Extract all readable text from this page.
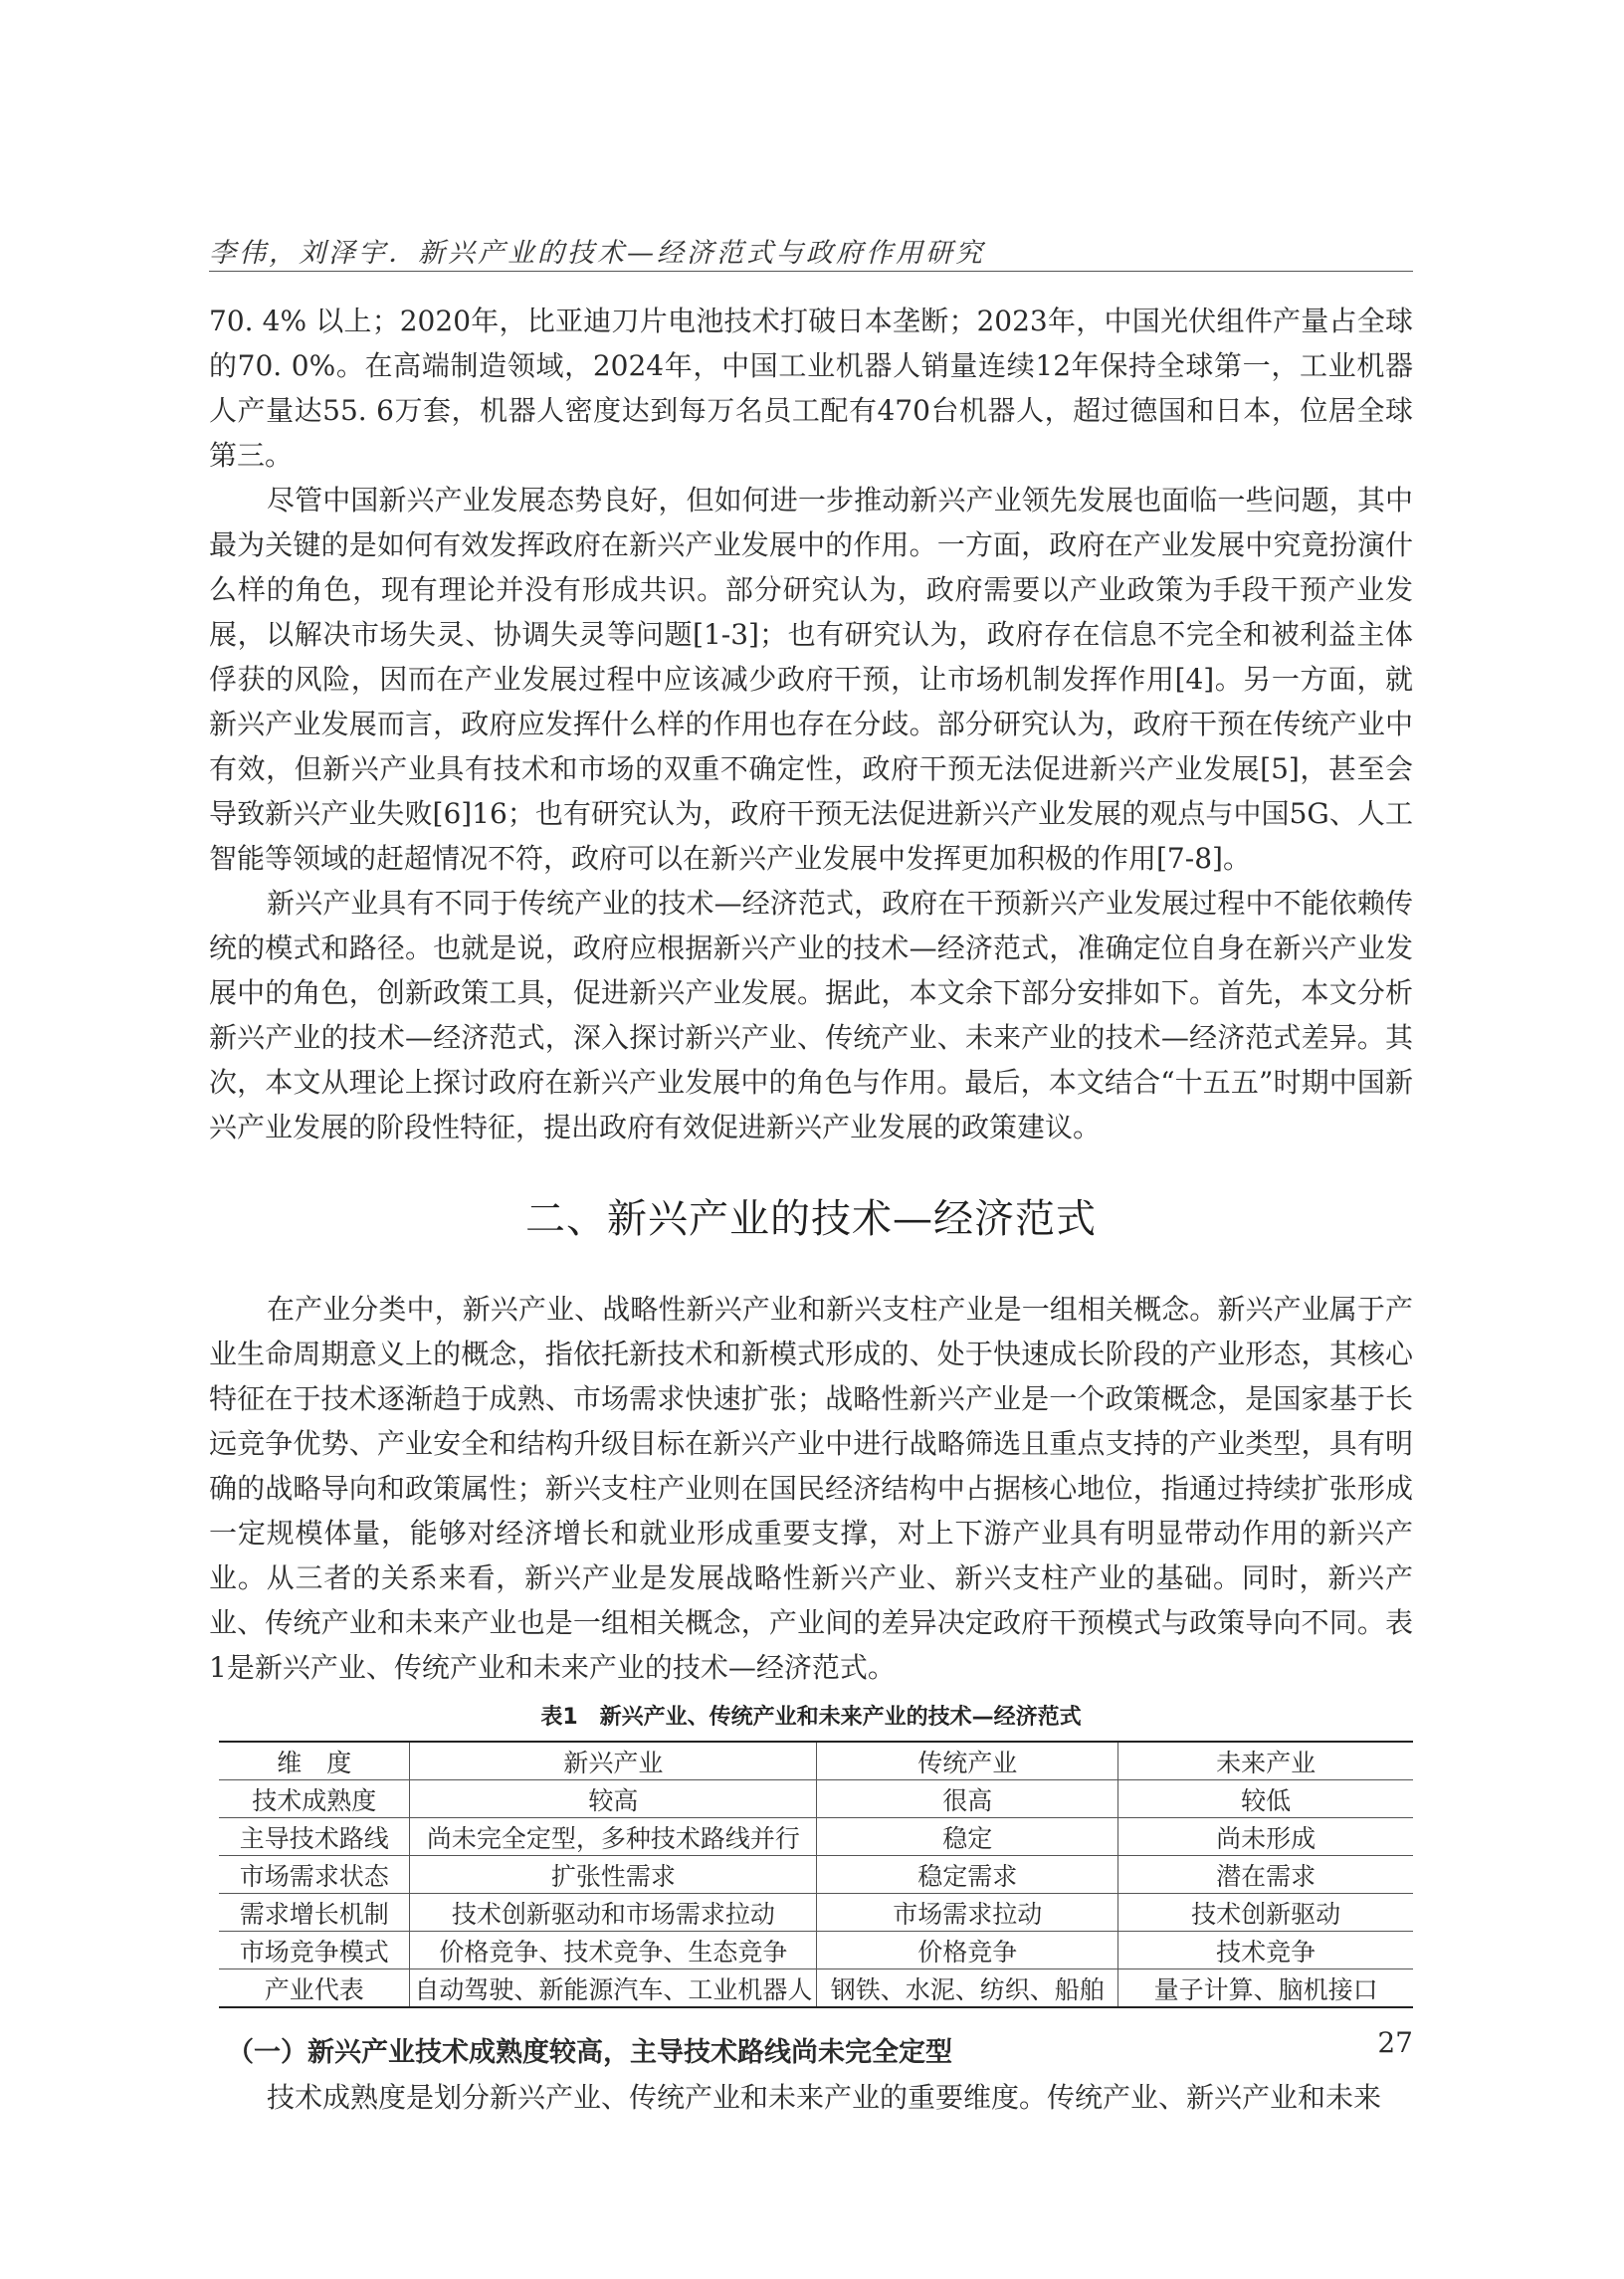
李伟，刘泽宇．新兴产业的技术—经济范式与政府作用研究

70. 4% 以上；2020年，比亚迪刀片电池技术打破日本垄断；2023年，中国光伏组件产量占全球的70. 0%。在高端制造领域，2024年，中国工业机器人销量连续12年保持全球第一，工业机器人产量达55. 6万套，机器人密度达到每万名员工配有470台机器人，超过德国和日本，位居全球第三。

尽管中国新兴产业发展态势良好，但如何进一步推动新兴产业领先发展也面临一些问题，其中最为关键的是如何有效发挥政府在新兴产业发展中的作用。一方面，政府在产业发展中究竟扮演什么样的角色，现有理论并没有形成共识。部分研究认为，政府需要以产业政策为手段干预产业发展，以解决市场失灵、协调失灵等问题[1-3]；也有研究认为，政府存在信息不完全和被利益主体俘获的风险，因而在产业发展过程中应该减少政府干预，让市场机制发挥作用[4]。另一方面，就新兴产业发展而言，政府应发挥什么样的作用也存在分歧。部分研究认为，政府干预在传统产业中有效，但新兴产业具有技术和市场的双重不确定性，政府干预无法促进新兴产业发展[5]，甚至会导致新兴产业失败[6]16；也有研究认为，政府干预无法促进新兴产业发展的观点与中国5G、人工智能等领域的赶超情况不符，政府可以在新兴产业发展中发挥更加积极的作用[7-8]。

新兴产业具有不同于传统产业的技术—经济范式，政府在干预新兴产业发展过程中不能依赖传统的模式和路径。也就是说，政府应根据新兴产业的技术—经济范式，准确定位自身在新兴产业发展中的角色，创新政策工具，促进新兴产业发展。据此，本文余下部分安排如下。首先，本文分析新兴产业的技术—经济范式，深入探讨新兴产业、传统产业、未来产业的技术—经济范式差异。其次，本文从理论上探讨政府在新兴产业发展中的角色与作用。最后，本文结合“十五五”时期中国新兴产业发展的阶段性特征，提出政府有效促进新兴产业发展的政策建议。

二、新兴产业的技术—经济范式

在产业分类中，新兴产业、战略性新兴产业和新兴支柱产业是一组相关概念。新兴产业属于产业生命周期意义上的概念，指依托新技术和新模式形成的、处于快速成长阶段的产业形态，其核心特征在于技术逐渐趋于成熟、市场需求快速扩张；战略性新兴产业是一个政策概念，是国家基于长远竞争优势、产业安全和结构升级目标在新兴产业中进行战略筛选且重点支持的产业类型，具有明确的战略导向和政策属性；新兴支柱产业则在国民经济结构中占据核心地位，指通过持续扩张形成一定规模体量，能够对经济增长和就业形成重要支撑，对上下游产业具有明显带动作用的新兴产业。从三者的关系来看，新兴产业是发展战略性新兴产业、新兴支柱产业的基础。同时，新兴产业、传统产业和未来产业也是一组相关概念，产业间的差异决定政府干预模式与政策导向不同。表1是新兴产业、传统产业和未来产业的技术—经济范式。

表1　新兴产业、传统产业和未来产业的技术—经济范式
维　度	新兴产业	传统产业	未来产业
技术成熟度	较高	很高	较低
主导技术路线	尚未完全定型，多种技术路线并行	稳定	尚未形成
市场需求状态	扩张性需求	稳定需求	潜在需求
需求增长机制	技术创新驱动和市场需求拉动	市场需求拉动	技术创新驱动
市场竞争模式	价格竞争、技术竞争、生态竞争	价格竞争	技术竞争
产业代表	自动驾驶、新能源汽车、工业机器人	钢铁、水泥、纺织、船舶	量子计算、脑机接口
（一）新兴产业技术成熟度较高，主导技术路线尚未完全定型

技术成熟度是划分新兴产业、传统产业和未来产业的重要维度。传统产业、新兴产业和未来

27
